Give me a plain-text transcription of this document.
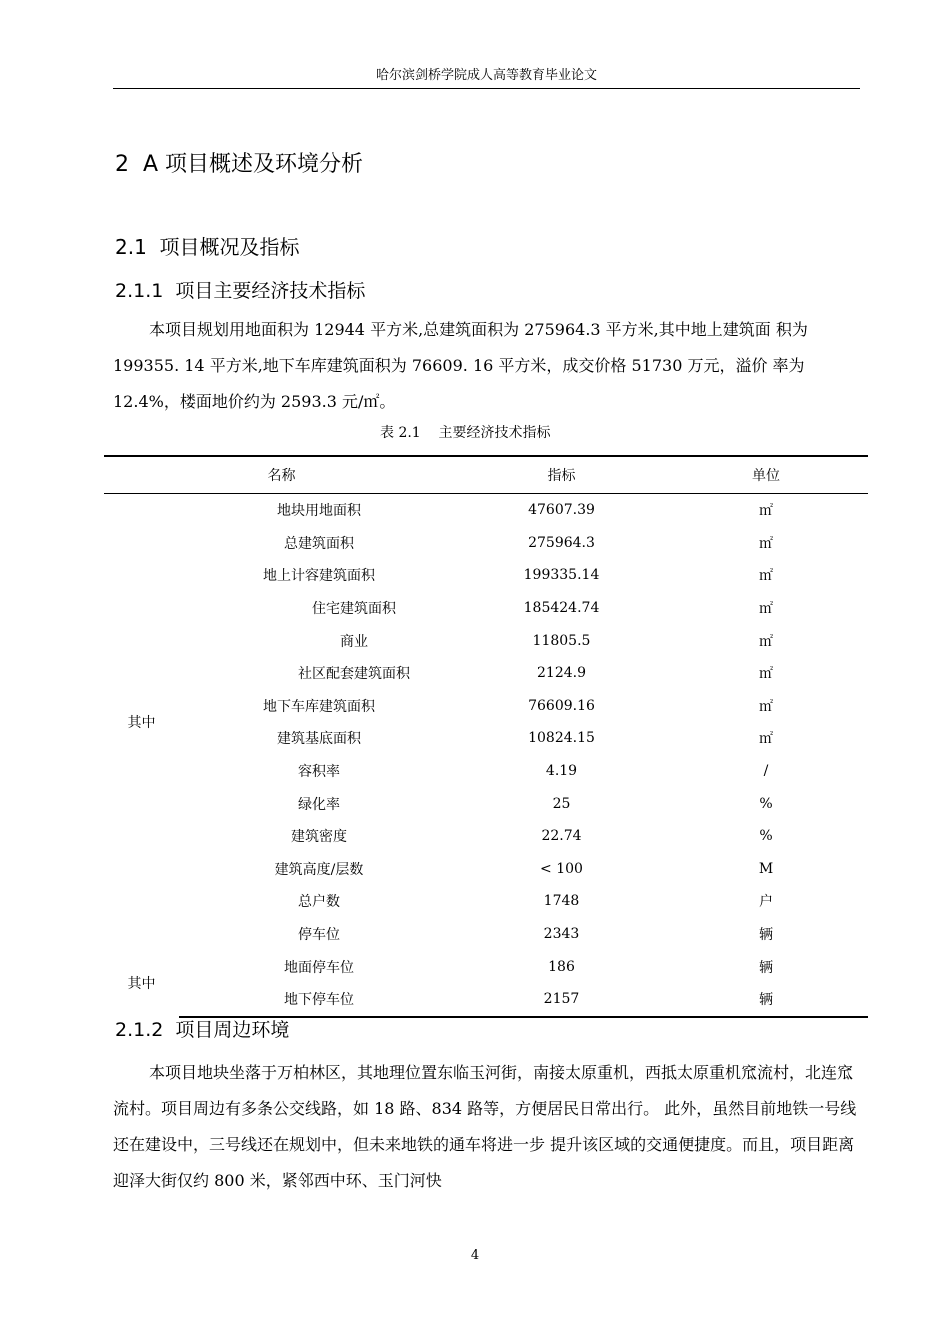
哈尔滨剑桥学院成人高等教育毕业论文
2  A 项目概述及环境分析
2.1  项目概况及指标
2.1.1  项目主要经济技术指标
本项目规划用地面积为 12944 平方米,总建筑面积为 275964.3 平方米,其中地上建筑面 积为 199355. 14 平方米,地下车库建筑面积为 76609. 16 平方米，成交价格 51730 万元，溢价 率为 12.4%，楼面地价约为 2593.3 元/㎡。
表 2.1    主要经济技术指标
名称		指标	单位
其中	地块用地面积	47607.39	㎡
	总建筑面积	275964.3	㎡
	地上计容建筑面积	199335.14	㎡
	住宅建筑面积	185424.74	㎡
	商业	11805.5	㎡
	社区配套建筑面积	2124.9	㎡
	地下车库建筑面积	76609.16	㎡
	建筑基底面积	10824.15	㎡
	容积率	4.19	/
	绿化率	25	%
	建筑密度	22.74	%
	建筑高度/层数	< 100	M
	总户数	1748	户
	停车位	2343	辆
其中	地面停车位	186	辆
	地下停车位	2157	辆
2.1.2  项目周边环境
本项目地块坐落于万柏林区，其地理位置东临玉河街，南接太原重机，西抵太原重机窊流村，北连窊流村。项目周边有多条公交线路，如 18 路、834 路等，方便居民日常出行。 此外，虽然目前地铁一号线还在建设中，三号线还在规划中，但未来地铁的通车将进一步 提升该区域的交通便捷度。而且，项目距离迎泽大街仅约 800 米，紧邻西中环、玉门河快
4
